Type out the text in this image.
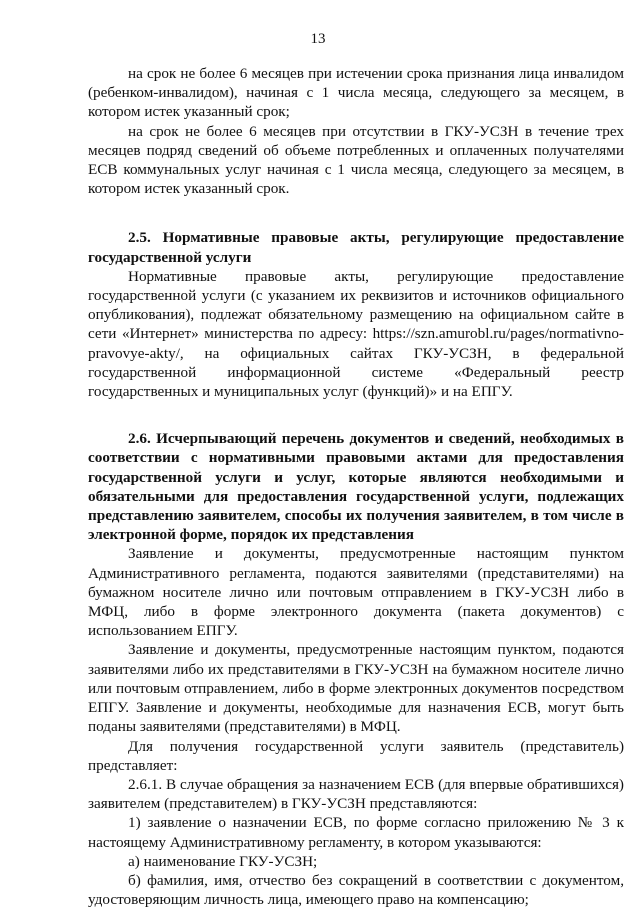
13

на срок не более 6 месяцев при истечении срока признания лица инвалидом (ребенком-инвалидом), начиная с 1 числа месяца, следующего за месяцем, в котором истек указанный срок;

на срок не более 6 месяцев при отсутствии в ГКУ-УСЗН в течение трех месяцев подряд сведений об объеме потребленных и оплаченных получателями ЕСВ коммунальных услуг начиная с 1 числа месяца, следующего за месяцем, в котором истек указанный срок.

2.5. Нормативные правовые акты, регулирующие предоставление государственной услуги

Нормативные правовые акты, регулирующие предоставление государственной услуги (с указанием их реквизитов и источников официального опубликования), подлежат обязательному размещению на официальном сайте в сети «Интернет» министерства по адресу: https://szn.amurobl.ru/pages/normativno-pravovye-akty/, на официальных сайтах ГКУ-УСЗН, в федеральной государственной информационной системе «Федеральный реестр государственных и муниципальных услуг (функций)» и на ЕПГУ.

2.6. Исчерпывающий перечень документов и сведений, необходимых в соответствии с нормативными правовыми актами для предоставления государственной услуги и услуг, которые являются необходимыми и обязательными для предоставления государственной услуги, подлежащих представлению заявителем, способы их получения заявителем, в том числе в электронной форме, порядок их представления

Заявление и документы, предусмотренные настоящим пунктом Административного регламента, подаются заявителями (представителями) на бумажном носителе лично или почтовым отправлением в ГКУ-УСЗН либо в МФЦ, либо в форме электронного документа (пакета документов) с использованием ЕПГУ.

Заявление и документы, предусмотренные настоящим пунктом, подаются заявителями либо их представителями в ГКУ-УСЗН на бумажном носителе лично или почтовым отправлением, либо в форме электронных документов посредством ЕПГУ. Заявление и документы, необходимые для назначения ЕСВ, могут быть поданы заявителями (представителями) в МФЦ.

Для получения государственной услуги заявитель (представитель) представляет:

2.6.1. В случае обращения за назначением ЕСВ (для впервые обратившихся) заявителем (представителем) в ГКУ-УСЗН представляются:

1) заявление о назначении ЕСВ, по форме согласно приложению № 3 к настоящему Административному регламенту, в котором указываются:

а) наименование ГКУ-УСЗН;

б) фамилия, имя, отчество без сокращений в соответствии с документом, удостоверяющим личность лица, имеющего право на компенсацию;
